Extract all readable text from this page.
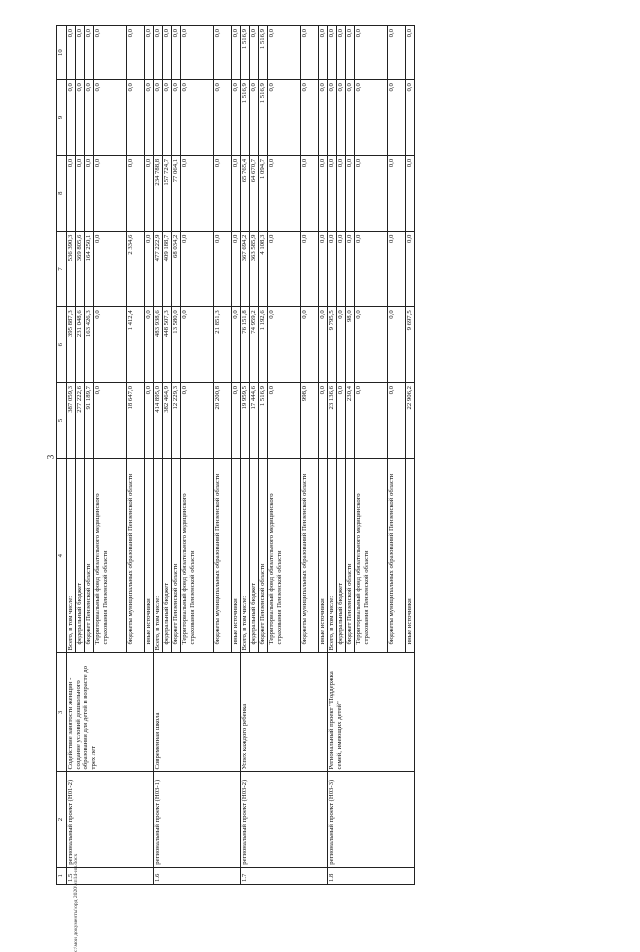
3
c:\мои документы\орд 2020\ип14-ип.docx
1	2	3	4	5	6	7	8	9	10
1.5	региональный проект (Н01-2)	Содействие занятости женщин - создание условий дошкольного образования для детей в возрасте до трех лет	Всего, в том числе:	387 059,3	395 887,3	536 390,3	0,0	0,0	0,0
			федеральный бюджет	277 222,6	231 048,6	369 805,6	0,0	0,0	0,0
			бюджет Пензенской области	91 189,7	163 426,3	164 250,1	0,0	0,0	0,0
			Территориальный фонд обязательного медицинского страхования Пензенской области	0,0	0,0	0,0	0,0	0,0	0,0
			бюджеты муниципальных образований Пензенской области	18 647,0	1 412,4	2 334,6	0,0	0,0	0,0
			иные источники	0,0	0,0	0,0	0,0	0,0	0,0
1.6	региональный проект (Н03-1)	Современная школа	Всего, в том числе:	414 895,0	483 938,6	477 222,9	234 788,8	0,0	0,0
			федеральный бюджет	382 464,9	448 507,3	409 188,7	157 724,7	0,0	0,0
			бюджет Пензенской области	12 229,3	13 580,0	68 034,2	77 064,1	0,0	0,0
			Территориальный фонд обязательного медицинского страхования Пензенской области	0,0	0,0	0,0	0,0	0,0	0,0
			бюджеты муниципальных образований Пензенской области	20 200,8	21 851,3	0,0	0,0	0,0	0,0
			иные источники	0,0	0,0	0,0	0,0	0,0	0,0
1.7	региональный проект (Н03-2)	Успех каждого ребенка	Всего, в том числе:	19 959,5	76 151,8	367 694,2	65 765,4	1 516,9	1 516,9
			федеральный бюджет	17 444,6	74 959,2	363 585,9	64 670,7	0,0	0,0
			бюджет Пензенской области	1 516,9	1 192,6	4 108,3	1 094,7	1 516,9	1 516,9
			Территориальный фонд обязательного медицинского страхования Пензенской области	0,0	0,0	0,0	0,0	0,0	0,0
			бюджеты муниципальных образований Пензенской области	998,0	0,0	0,0	0,0	0,0	0,0
			иные источники	0,0	0,0	0,0	0,0	0,0	0,0
1.8	региональный проект (Н03-3)	Региональный проект "Поддержка семей, имеющих детей"	Всего, в том числе:	23 136,6	9 795,5	0,0	0,0	0,0	0,0
			федеральный бюджет	0,0	0,0	0,0	0,0	0,0	0,0
			бюджет Пензенской области	230,4	98,0	0,0	0,0	0,0	0,0
			Территориальный фонд обязательного медицинского страхования Пензенской области	0,0	0,0	0,0	0,0	0,0	0,0
			бюджеты муниципальных образований Пензенской области	0,0	0,0	0,0	0,0	0,0	0,0
			иные источники	22 906,2	9 697,5	0,0	0,0	0,0	0,0
